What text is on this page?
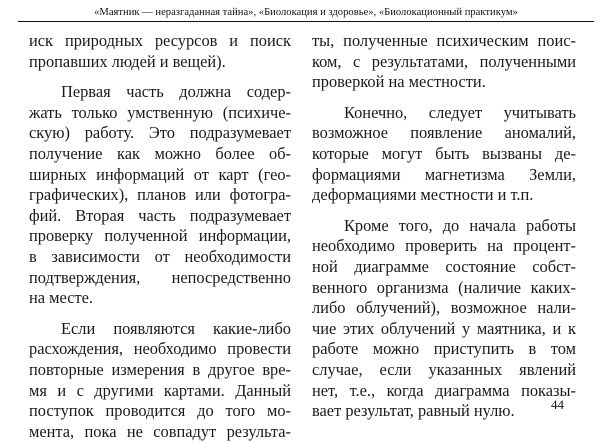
«Маятник — неразгаданная тайна», «Биолокация и здоровье», «Биолокационный практикум»
иск природных ресурсов и поиск
пропавших людей и вещей).
Первая часть должна содер-
жать только умственную (психиче-
скую) работу. Это подразумевает
получение как можно более об-
ширных информаций от карт (гео-
графических), планов или фотогра-
фий. Вторая часть подразумевает
проверку полученной информации,
в зависимости от необходимости
подтверждения, непосредственно
на месте.
Если появляются какие-либо
расхождения, необходимо провести
повторные измерения в другое вре-
мя и с другими картами. Данный
поступок проводится до того мо-
мента, пока не совпадут результа-
ты, полученные психическим поис-
ком, с результатами, полученными
проверкой на местности.
Конечно, следует учитывать
возможное появление аномалий,
которые могут быть вызваны де-
формациями магнетизма Земли,
деформациями местности и т.п.
Кроме того, до начала работы
необходимо проверить на процент-
ной диаграмме состояние собст-
венного организма (наличие каких-
либо облучений), возможное нали-
чие этих облучений у маятника, и к
работе можно приступить в том
случае, если указанных явлений
нет, т.е., когда диаграмма показы-
вает результат, равный нулю.	44
